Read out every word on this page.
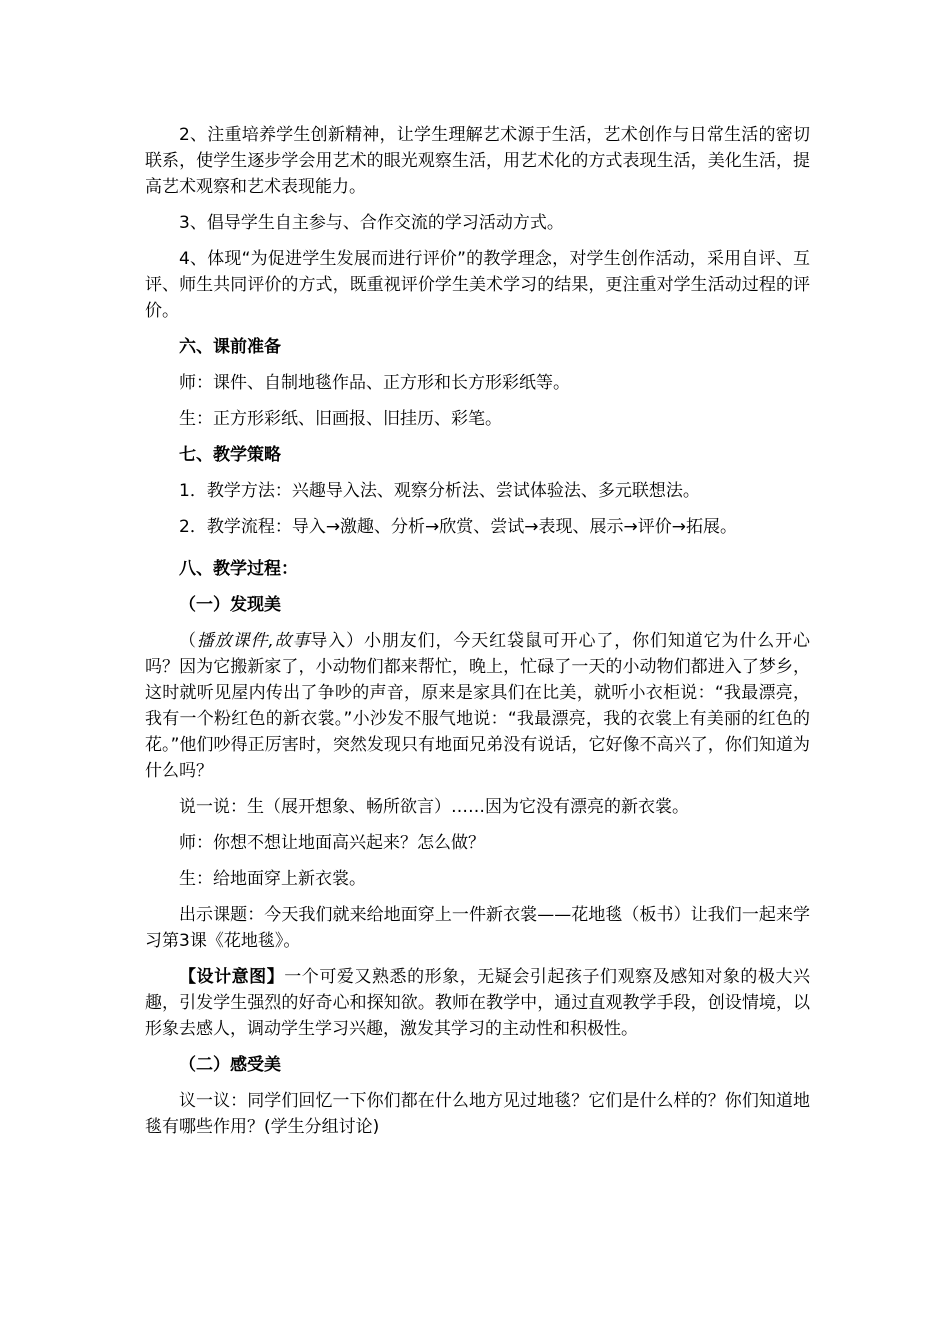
2、注重培养学生创新精神，让学生理解艺术源于生活，艺术创作与日常生活的密切联系，使学生逐步学会用艺术的眼光观察生活，用艺术化的方式表现生活，美化生活，提高艺术观察和艺术表现能力。
3、倡导学生自主参与、合作交流的学习活动方式。
4、体现“为促进学生发展而进行评价”的教学理念，对学生创作活动，采用自评、互评、师生共同评价的方式，既重视评价学生美术学习的结果，更注重对学生活动过程的评价。
六、课前准备
师：课件、自制地毯作品、正方形和长方形彩纸等。
生：正方形彩纸、旧画报、旧挂历、彩笔。
七、教学策略
1．教学方法：兴趣导入法、观察分析法、尝试体验法、多元联想法。
2．教学流程：导入→激趣、分析→欣赏、尝试→表现、展示→评价→拓展。
八、教学过程：
（一）发现美
（播放课件,故事导入）小朋友们，今天红袋鼠可开心了，你们知道它为什么开心吗？因为它搬新家了，小动物们都来帮忙，晚上，忙碌了一天的小动物们都进入了梦乡，这时就听见屋内传出了争吵的声音，原来是家具们在比美，就听小衣柜说：“我最漂亮，我有一个粉红色的新衣裳。”小沙发不服气地说：“我最漂亮，我的衣裳上有美丽的红色的花。”他们吵得正厉害时，突然发现只有地面兄弟没有说话，它好像不高兴了，你们知道为什么吗？
说一说：生（展开想象、畅所欲言）……因为它没有漂亮的新衣裳。
师：你想不想让地面高兴起来？怎么做？
生：给地面穿上新衣裳。
出示课题：今天我们就来给地面穿上一件新衣裳——花地毯（板书）让我们一起来学习第3课《花地毯》。
【设计意图】一个可爱又熟悉的形象，无疑会引起孩子们观察及感知对象的极大兴趣，引发学生强烈的好奇心和探知欲。教师在教学中，通过直观教学手段，创设情境，以形象去感人，调动学生学习兴趣，激发其学习的主动性和积极性。
（二）感受美
议一议：同学们回忆一下你们都在什么地方见过地毯？它们是什么样的？你们知道地毯有哪些作用？(学生分组讨论)
